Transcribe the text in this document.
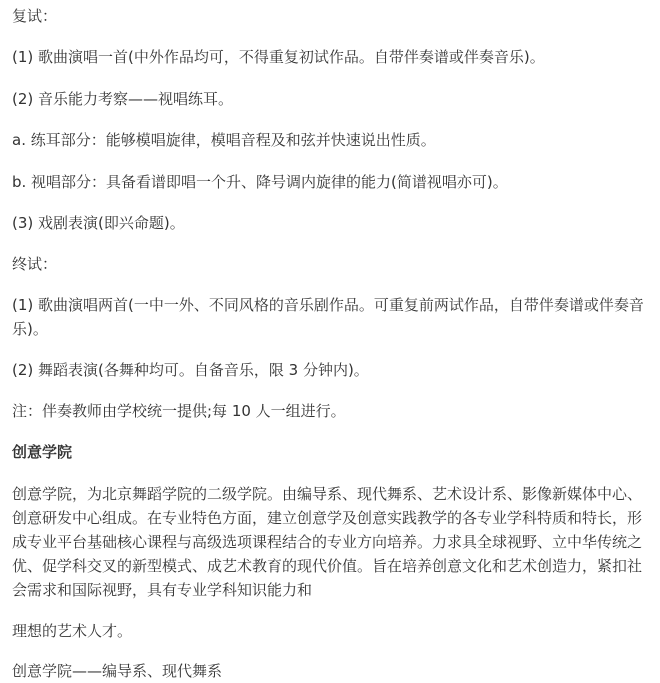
复试：

(1) 歌曲演唱一首(中外作品均可，不得重复初试作品。自带伴奏谱或伴奏音乐)。

(2) 音乐能力考察——视唱练耳。

a. 练耳部分：能够模唱旋律，模唱音程及和弦并快速说出性质。

b. 视唱部分：具备看谱即唱一个升、降号调内旋律的能力(简谱视唱亦可)。

(3) 戏剧表演(即兴命题)。

终试：

(1) 歌曲演唱两首(一中一外、不同风格的音乐剧作品。可重复前两试作品，自带伴奏谱或伴奏音乐)。

(2) 舞蹈表演(各舞种均可。自备音乐，限 3 分钟内)。

注：伴奏教师由学校统一提供;每 10 人一组进行。

创意学院

创意学院，为北京舞蹈学院的二级学院。由编导系、现代舞系、艺术设计系、影像新媒体中心、创意研发中心组成。在专业特色方面，建立创意学及创意实践教学的各专业学科特质和特长，形成专业平台基础核心课程与高级选项课程结合的专业方向培养。力求具全球视野、立中华传统之优、促学科交叉的新型模式、成艺术教育的现代价值。旨在培养创意文化和艺术创造力，紧扣社会需求和国际视野，具有专业学科知识能力和

理想的艺术人才。

创意学院——编导系、现代舞系
